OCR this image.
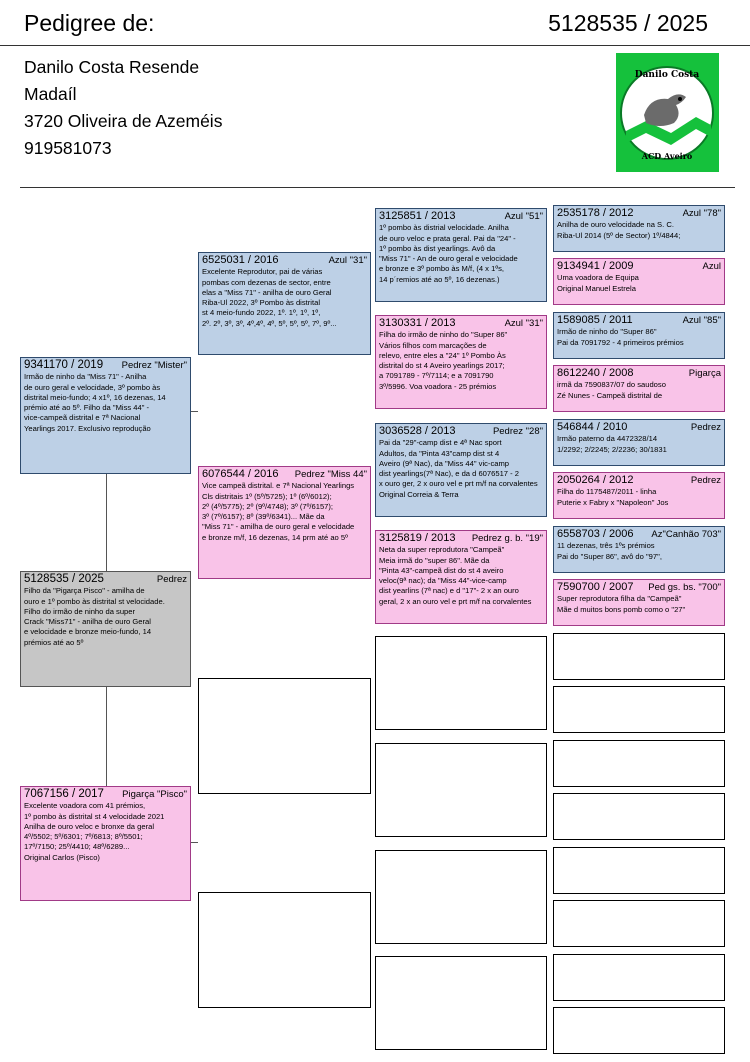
Pedigree de:	5128535 / 2025
Danilo Costa Resende
Madaíl
3720 Oliveira de Azeméis
919581073
Danilo Costa
ACD Aveiro
5128535 / 2025	Pedrez
Filho da "Pigarça Pisco" - amilha de
ouro e 1º pombo às distrital st velocidade.
Filho do irmão de ninho da super
Crack "Miss71" - anilha de ouro Geral
e velocidade e bronze meio-fundo, 14
prémios até ao 5º
9341170 / 2019 Pedrez "Mister"
Irmão de ninho da "Miss 71" - Anilha
de ouro geral e velocidade, 3º pombo às
distrital meio-fundo; 4 x1º, 16 dezenas, 14
prémio até ao 5º. Filho da "Miss 44" -
vice-campeã distrital e 7ª Nacional
Yearlings 2017. Exclusivo reprodução
7067156 / 2017 Pigarça "Pisco"
Excelente voadora com 41 prémios,
1º pombo às distrital st 4 velocidade 2021
Anilha de ouro veloc e bronxe da geral
4º/5502; 5º/6301; 7º/6813; 8º/5501;
17º/7150; 25º/4410; 48º/6289...
Original Carlos (Pisco)
6525031 / 2016	Azul "31"
Excelente Reprodutor, pai de várias
pombas com dezenas de sector, entre
elas a "Miss 71" - anilha de ouro Geral
Riba-Ul 2022, 3º Pombo às distrital
st 4 meio-fundo 2022, 1º. 1º, 1º, 1º,
2º. 2º, 3º, 3º, 4º,4º, 4º, 5º, 5º, 5º, 7º, 9º...
6076544 / 2016 Pedrez "Miss 44"
Vice campeã distrital. e 7ª Nacional Yearlings
Cls distritais 1º (5º/5725); 1º (6º/6012);
2º (4º/5775); 2º (9º/4748); 3º (7º/6157);
3º (7º/6157); 8º (39º/6341)... Mãe da
"Miss 71" - amilha de ouro geral e velocidade
e bronze m/f, 16 dezenas, 14 prm até ao 5º
3125851 / 2013	Azul "51"
1º pombo às distrial velocidade. Anilha
de ouro veloc e prata geral. Pai da "24" -
1º pombo às dist yearlings. Avô da
"Miss 71" - An de ouro geral e velocidade
e bronze e 3º pombo às M/f, (4 x 1ºs,
14 p´remios até ao 5º, 16 dezenas.)
3130331 / 2013	Azul "31"
Filha do irmão de ninho do "Super 86"
Vários filhos com marcações de
relevo, entre eles a "24" 1º Pombo Às
distrital do st 4 Aveiro yearlings 2017;
a 7091789 - 7º/7114; e a 7091790
3º/5996. Voa voadora - 25 prémios
3036528 / 2013	Pedrez "28"
Pai da "29"-camp dist e 4ª Nac sport
Adultos, da "Pinta 43"camp dist st 4
Aveiro (9ª Nac), da "Miss 44" vic-camp
dist yearlings(7ª Nac), e da d 6076517 - 2
x ouro ger, 2 x ouro vel e prt m/f na corvalentes
Original Correia & Terra
3125819 / 2013 Pedrez g. b. "19"
Neta da super reprodutora "Campeã"
Meia irmã do "super 86". Mãe da
"Pinta 43"-campeã dist do st 4 aveiro
veloc(9ª nac); da "Miss 44"-vice-camp
dist yearlins (7ª nac) e d "17"- 2 x an ouro
geral, 2 x an ouro vel e prt m/f na corvalentes
2535178 / 2012	Azul "78"
Anilha de ouro velocidade na S. C.
Riba-Ul 2014 (5º de Sector) 1º/4844;
9134941 / 2009	Azul
Uma voadora de Equipa
Original Manuel Estrela
1589085 / 2011	Azul "85"
Irmão de ninho do "Super 86"
Pai da 7091792 - 4 primeiros prémios
8612240 / 2008	Pigarça
irmã da 7590837/07 do saudoso
Zé Nunes - Campeã distrital de
546844 / 2010	Pedrez
Irmão paterno da 4472328/14
1/2292; 2/2245; 2/2236; 30/1831
2050264 / 2012	Pedrez
Filha do 1175487/2011 - linha
Puterie x Fabry x "Napoleon" Jos
6558703 / 2006 Az"Canhão 703"
11 dezenas, três 1ºs prémios
Pai do "Super 86", avô do "97",
7590700 / 2007 Ped gs. bs. "700"
Super reprodutora filha da "Campeã"
Mãe d muitos bons pomb como o "27"
